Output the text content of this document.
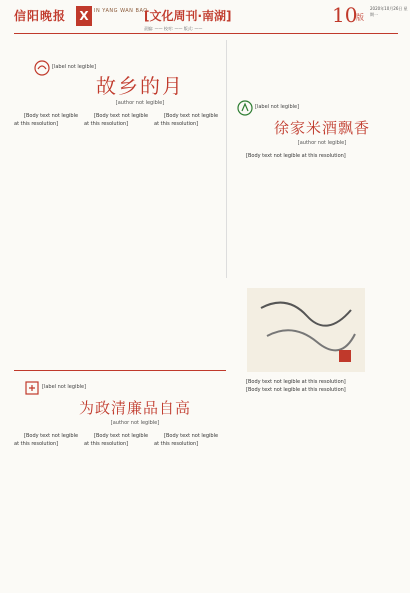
信阳晚报	X	IN YANG WAN BAO
[文化周刊·南湖]	10
版
2020年10月26日 星期一
责编: —— 校对: —— 版式: ——
[label not legible]
故乡的月
[author not legible]

[Body text not legible at this resolution]

[Body text not legible at this resolution]

[Body text not legible at this resolution]

[label not legible]
徐家米酒飘香
[author not legible]

[Body text not legible at this resolution]

[Body text not legible at this resolution]

[Body text not legible at this resolution]

[label not legible]
为政清廉品自高
[author not legible]

[Body text not legible at this resolution]

[Body text not legible at this resolution]

[Body text not legible at this resolution]
